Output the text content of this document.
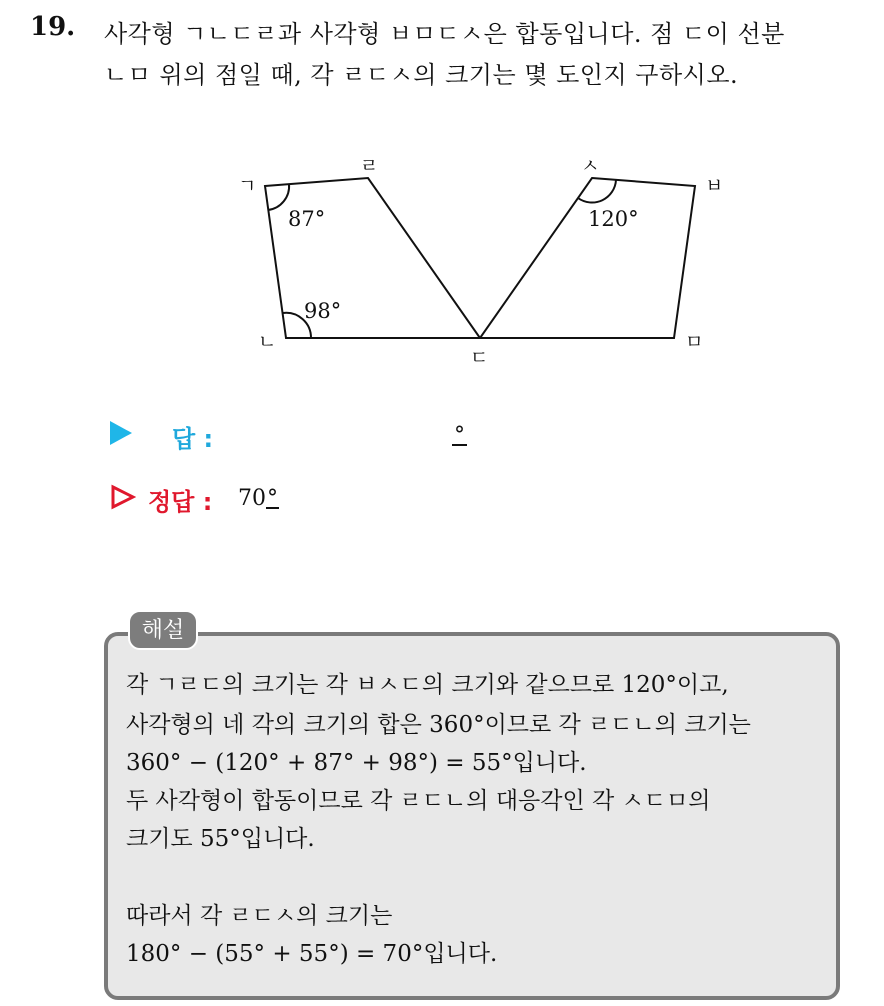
19. 사각형 ㄱㄴㄷㄹ과 사각형 ㅂㅁㄷㅅ은 합동입니다. 점 ㄷ이 선분
ㄴㅁ 위의 점일 때, 각 ㄹㄷㅅ의 크기는 몇 도인지 구하시오.
ㄱ
ㄹ	ㅅ
ㅂ
ㄴ
ㄷ
ㅁ
87°
98°
120°
답 :	°
정답 : 70°
해설
각 ㄱㄹㄷ의 크기는 각 ㅂㅅㄷ의 크기와 같으므로 120°이고,
사각형의 네 각의 크기의 합은 360°이므로 각 ㄹㄷㄴ의 크기는
360° − (120° + 87° + 98°) = 55°입니다.
두 사각형이 합동이므로 각 ㄹㄷㄴ의 대응각인 각 ㅅㄷㅁ의
크기도 55°입니다.
따라서 각 ㄹㄷㅅ의 크기는
180° − (55° + 55°) = 70°입니다.
